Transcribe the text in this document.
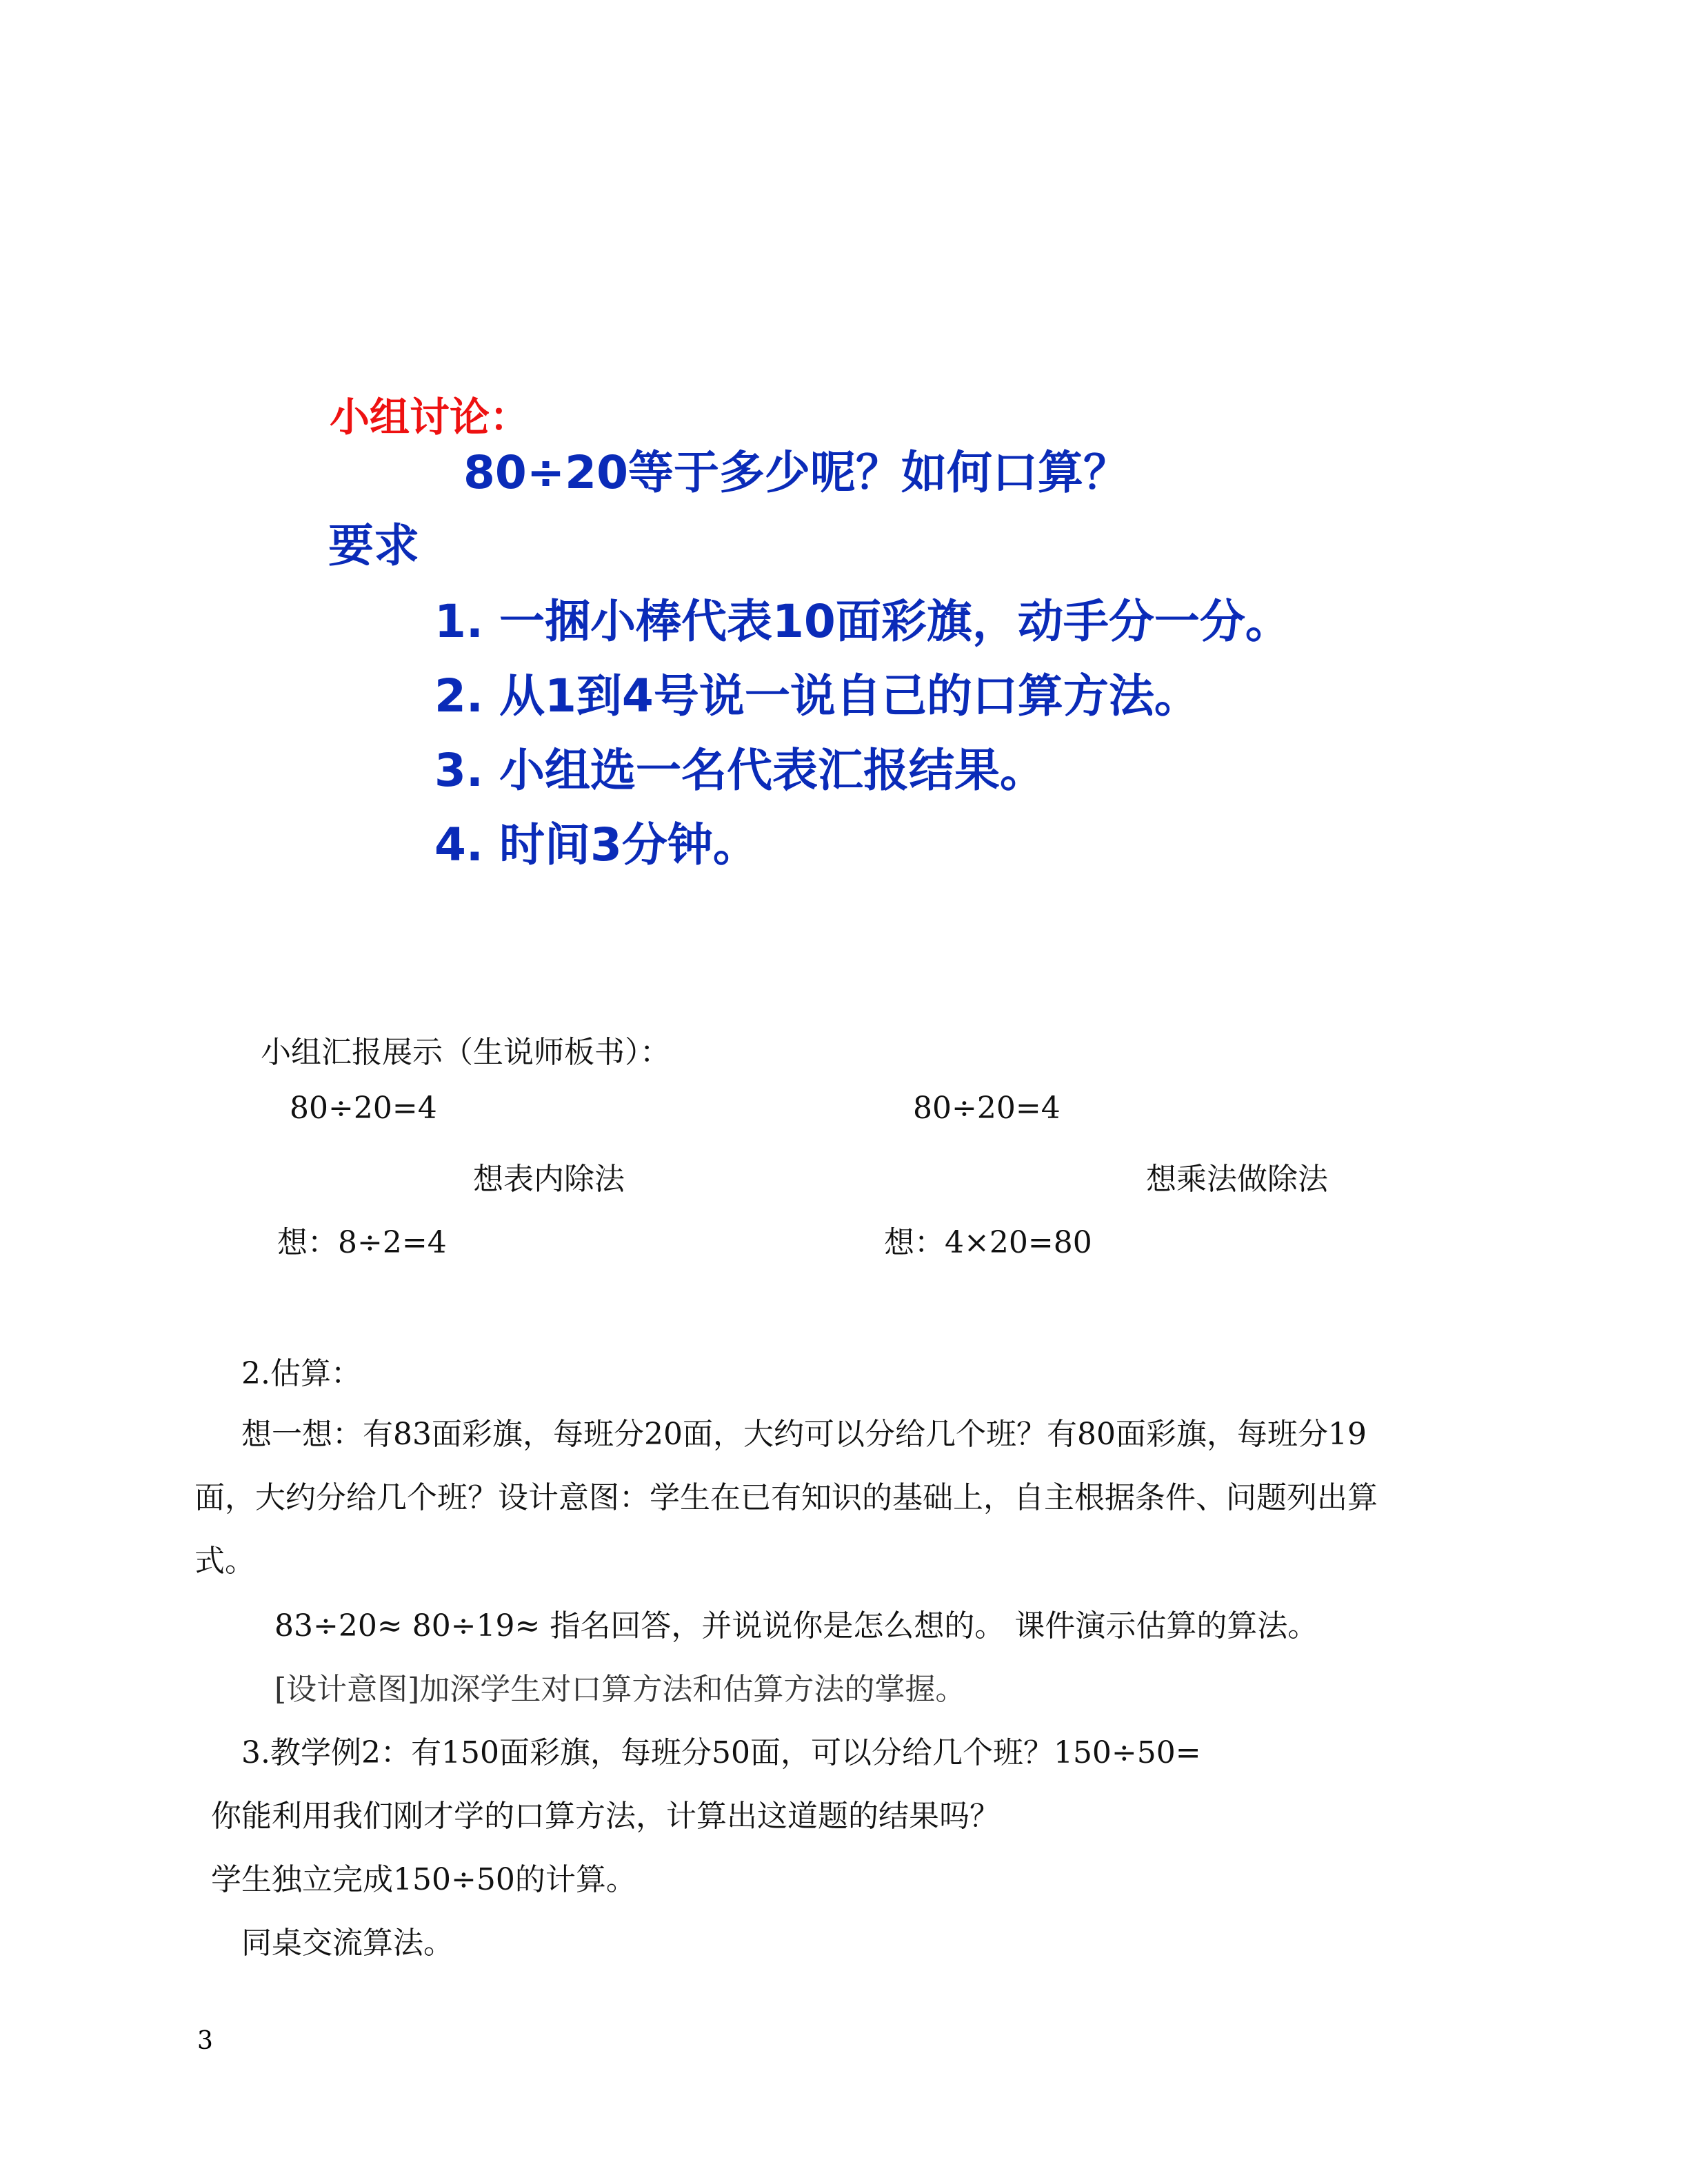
小组讨论：
80÷20等于多少呢？如何口算？
要求
1. 一捆小棒代表10面彩旗，动手分一分。
2. 从1到4号说一说自己的口算方法。
3. 小组选一名代表汇报结果。
4. 时间3分钟。
小组汇报展示（生说师板书）：
80÷20=4	80÷20=4
想表内除法	想乘法做除法
想：8÷2=4	想：4×20=80
2.估算：
想一想：有83面彩旗，每班分20面，大约可以分给几个班？有80面彩旗，每班分19
面，大约分给几个班？设计意图：学生在已有知识的基础上，自主根据条件、问题列出算
式。
83÷20≈ 80÷19≈ 指名回答，并说说你是怎么想的。 课件演示估算的算法。
[设计意图]加深学生对口算方法和估算方法的掌握。
3.教学例2：有150面彩旗，每班分50面，可以分给几个班？150÷50=
你能利用我们刚才学的口算方法，计算出这道题的结果吗？
学生独立完成150÷50的计算。
同桌交流算法。
3
